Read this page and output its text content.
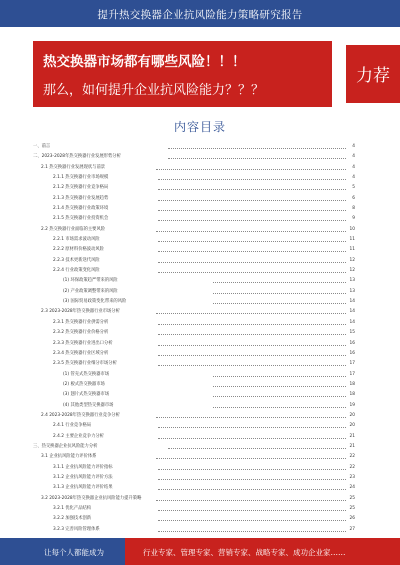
提升热交换器企业抗风险能力策略研究报告
热交换器市场都有哪些风险！！！
那么，如何提升企业抗风险能力？？？
力荐
内容目录
一、前言	4
二、2023-2028年热交换器行业发展形势分析	4
2.1 热交换器行业发展现状与前景	4
2.1.1 热交换器行业市场规模	4
2.1.2 热交换器行业竞争格局	5
2.1.3 热交换器行业发展趋势	6
2.1.4 热交换器行业政策环境	8
2.1.5 热交换器行业投资机会	9
2.2 热交换器行业面临的主要风险	10
2.2.1 市场需求波动风险	11
2.2.2 原材料价格波动风险	11
2.2.3 技术更新迭代风险	12
2.2.4 行业政策变化风险	12
(1) 环保政策趋严带来的风险	13
(2) 产业政策调整带来的风险	13
(3) 国际贸易政策变化带来的风险	14
2.3 2023-2028年热交换器行业市场分析	14
2.3.1 热交换器行业供需分析	14
2.3.2 热交换器行业价格分析	15
2.3.3 热交换器行业进出口分析	16
2.3.4 热交换器行业区域分析	16
2.3.5 热交换器行业细分市场分析	17
(1) 管壳式热交换器市场	17
(2) 板式热交换器市场	18
(3) 翅片式热交换器市场	18
(4) 其他类型热交换器市场	19
2.4 2023-2028年热交换器行业竞争分析	20
2.4.1 行业竞争格局	20
2.4.2 主要企业竞争力分析	21
三、热交换器企业抗风险能力分析	21
3.1 企业抗风险能力评价体系	22
3.1.1 企业抗风险能力评价指标	22
3.1.2 企业抗风险能力评价方法	23
3.1.3 企业抗风险能力评价结果	24
3.2 2023-2028年热交换器企业抗风险能力提升策略	25
3.2.1 优化产品结构	25
3.2.2 加强技术创新	26
3.2.3 完善风险管理体系	27
让每个人都能成为	行业专家、管理专家、营销专家、战略专家、成功企业家……
